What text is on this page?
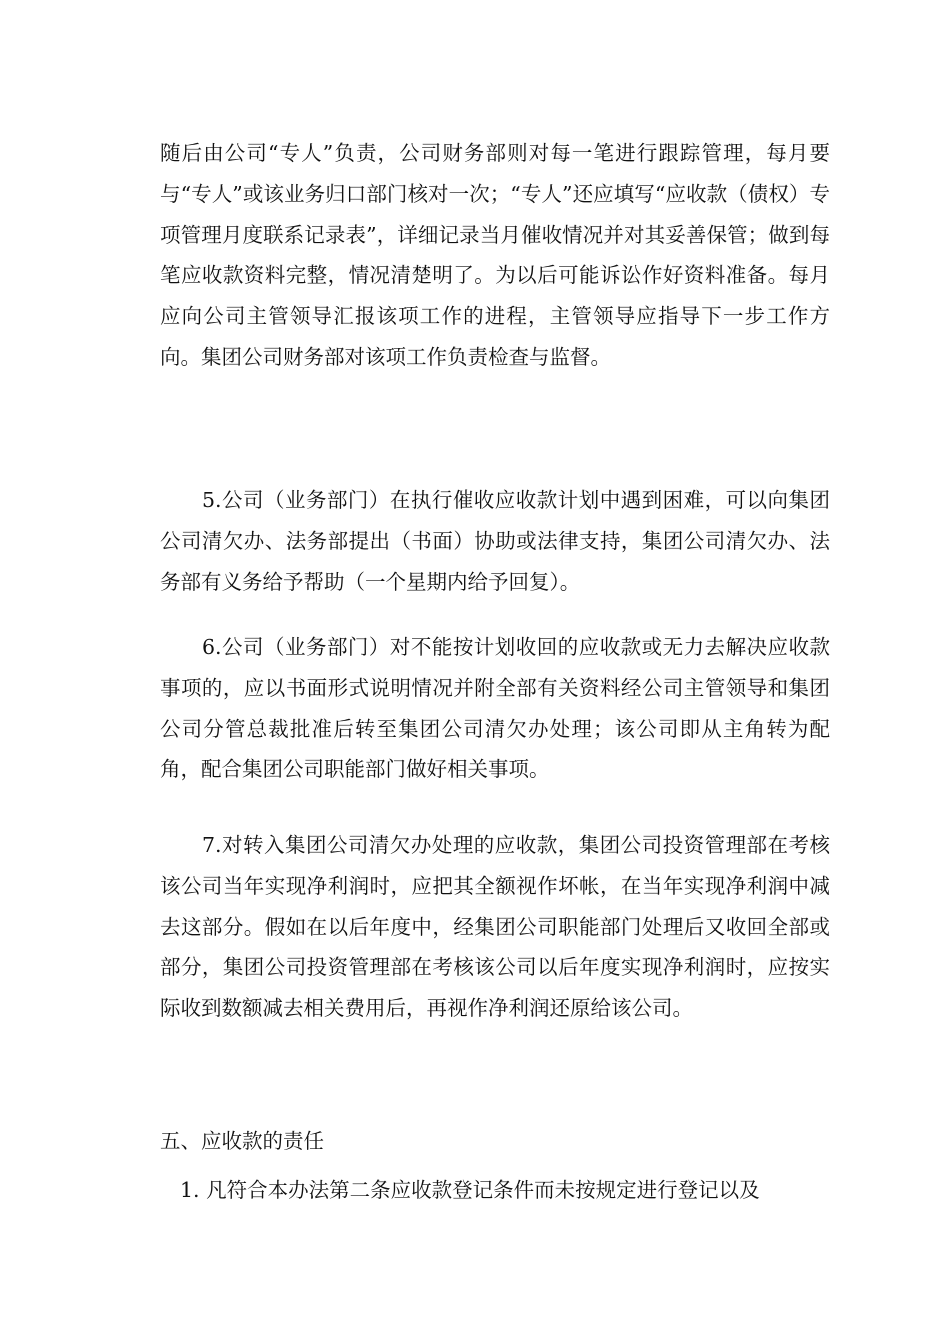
随后由公司“专人”负责，公司财务部则对每一笔进行跟踪管理，每月要与“专人”或该业务归口部门核对一次；“专人”还应填写“应收款（债权）专项管理月度联系记录表”，详细记录当月催收情况并对其妥善保管；做到每笔应收款资料完整，情况清楚明了。为以后可能诉讼作好资料准备。每月应向公司主管领导汇报该项工作的进程，主管领导应指导下一步工作方向。集团公司财务部对该项工作负责检查与监督。

5.公司（业务部门）在执行催收应收款计划中遇到困难，可以向集团公司清欠办、法务部提出（书面）协助或法律支持，集团公司清欠办、法务部有义务给予帮助（一个星期内给予回复）。

6.公司（业务部门）对不能按计划收回的应收款或无力去解决应收款事项的，应以书面形式说明情况并附全部有关资料经公司主管领导和集团公司分管总裁批准后转至集团公司清欠办处理；该公司即从主角转为配角，配合集团公司职能部门做好相关事项。

7.对转入集团公司清欠办处理的应收款，集团公司投资管理部在考核该公司当年实现净利润时，应把其全额视作坏帐，在当年实现净利润中减去这部分。假如在以后年度中，经集团公司职能部门处理后又收回全部或部分，集团公司投资管理部在考核该公司以后年度实现净利润时，应按实际收到数额减去相关费用后，再视作净利润还原给该公司。

五、应收款的责任

1. 凡符合本办法第二条应收款登记条件而未按规定进行登记以及
